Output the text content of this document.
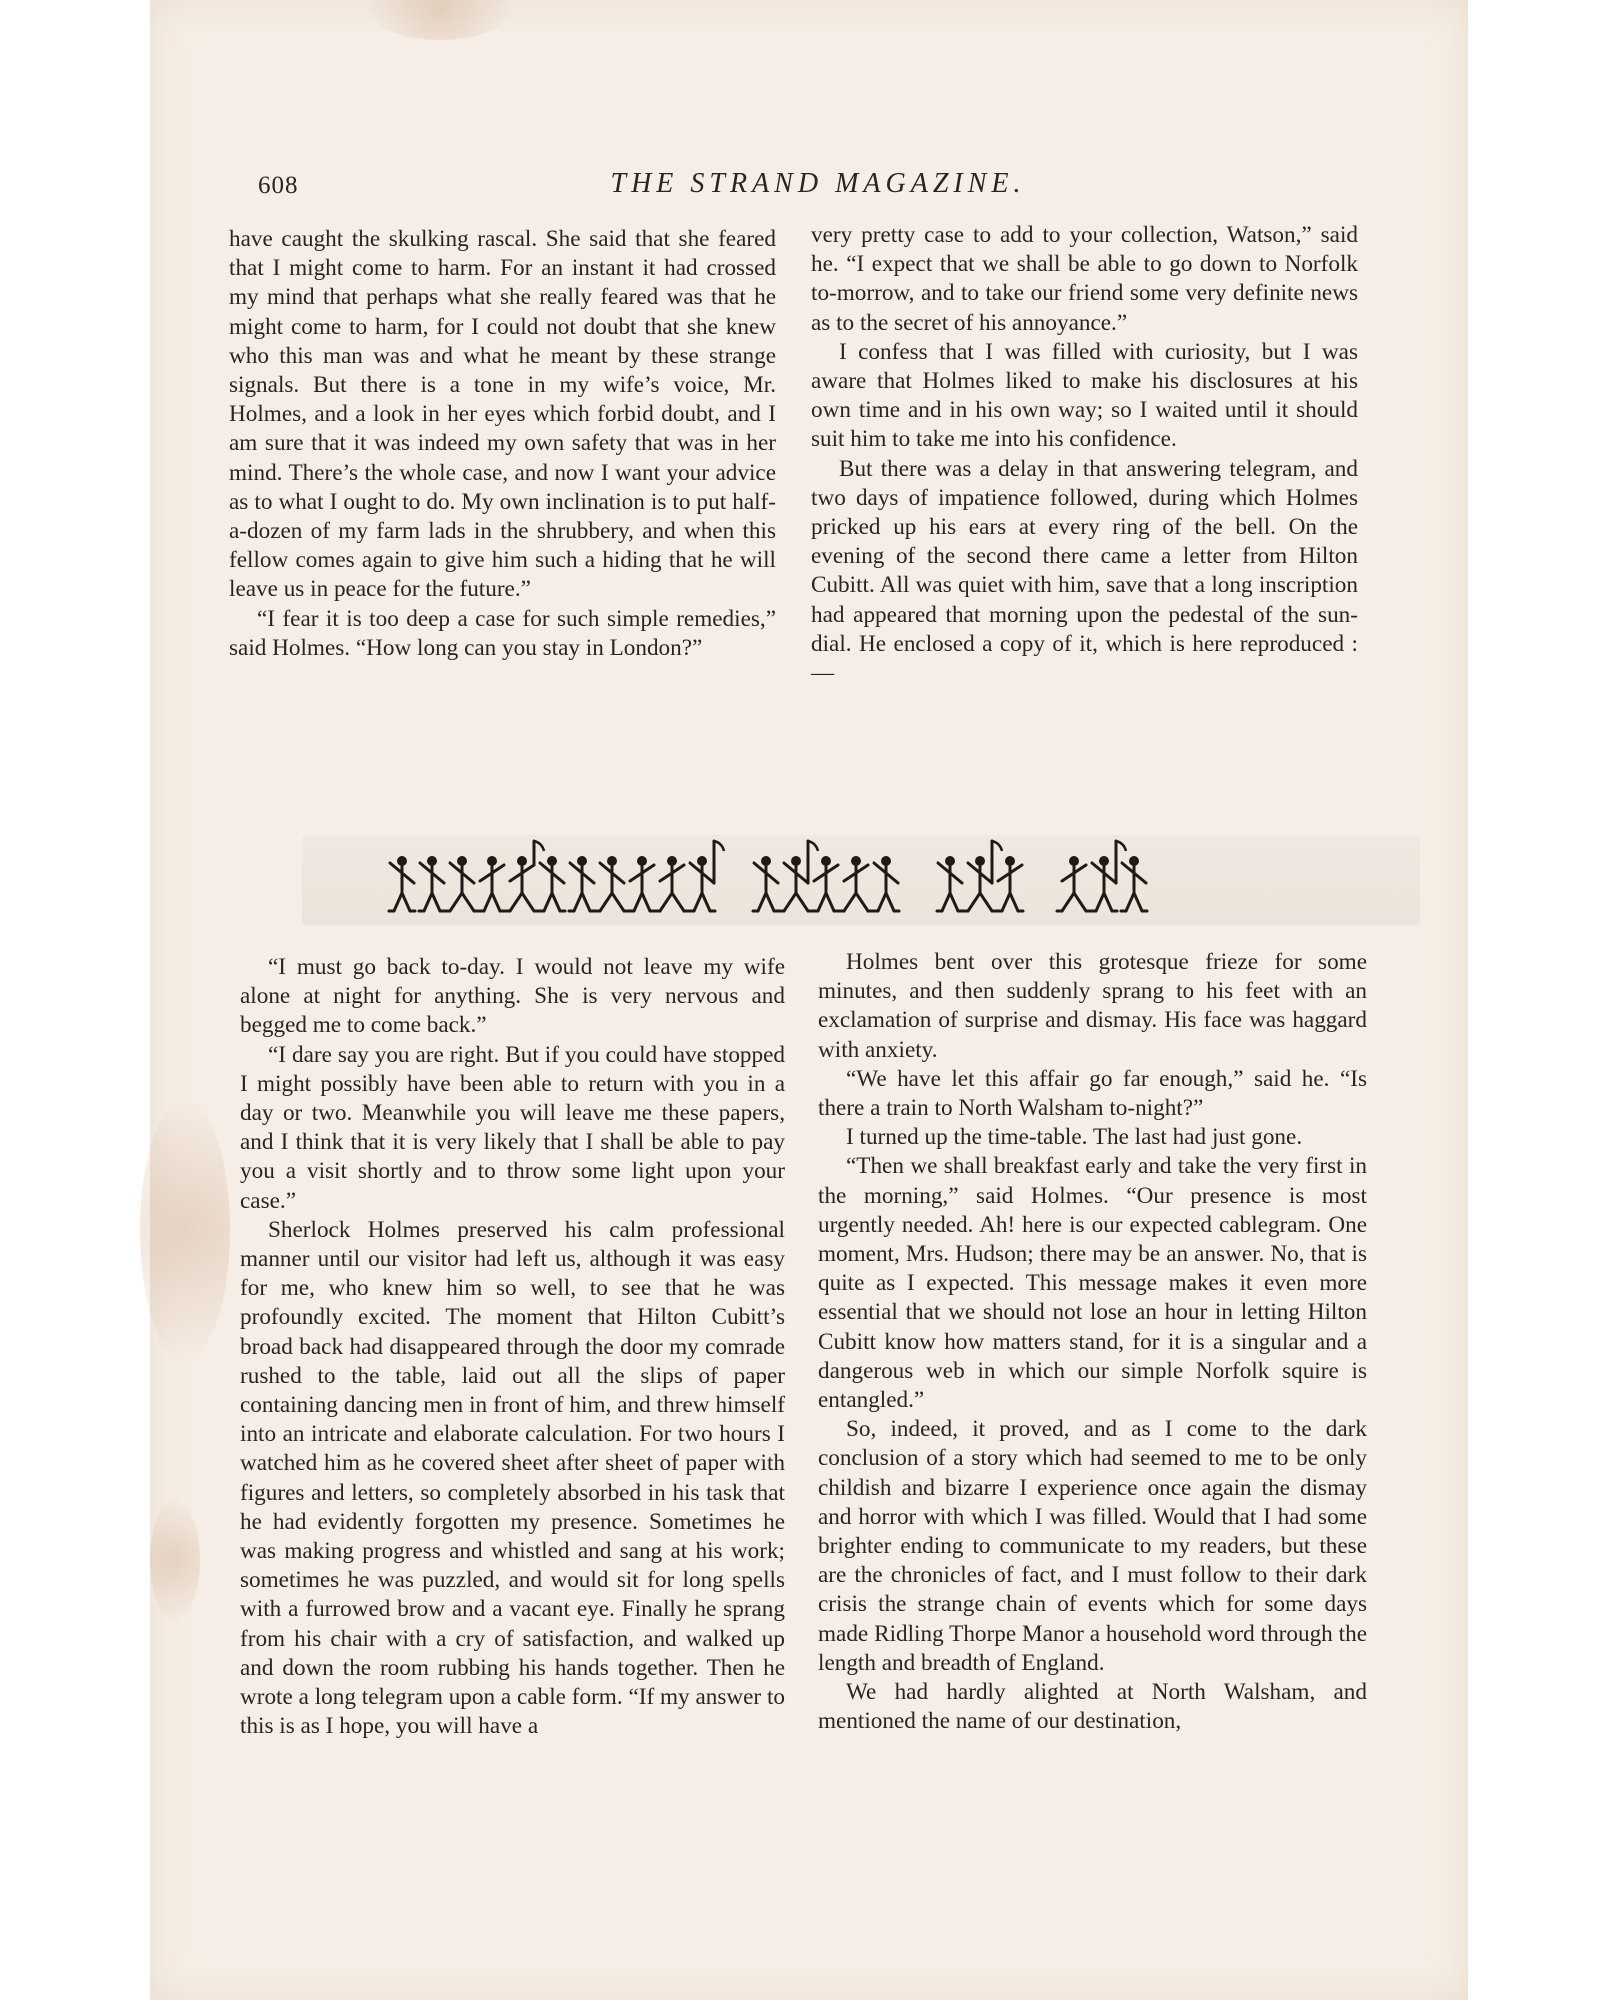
608	THE STRAND MAGAZINE.

have caught the skulking rascal. She said that she feared that I might come to harm. For an instant it had crossed my mind that perhaps what she really feared was that he might come to harm, for I could not doubt that she knew who this man was and what he meant by these strange signals. But there is a tone in my wife’s voice, Mr. Holmes, and a look in her eyes which forbid doubt, and I am sure that it was indeed my own safety that was in her mind. There’s the whole case, and now I want your advice as to what I ought to do. My own inclination is to put half-a-dozen of my farm lads in the shrubbery, and when this fellow comes again to give him such a hiding that he will leave us in peace for the future.”

“I fear it is too deep a case for such simple remedies,” said Holmes. “How long can you stay in London?”

very pretty case to add to your collection, Watson,” said he. “I expect that we shall be able to go down to Norfolk to-morrow, and to take our friend some very definite news as to the secret of his annoyance.”

I confess that I was filled with curiosity, but I was aware that Holmes liked to make his disclosures at his own time and in his own way; so I waited until it should suit him to take me into his confidence.

But there was a delay in that answering telegram, and two days of impatience followed, during which Holmes pricked up his ears at every ring of the bell. On the evening of the second there came a letter from Hilton Cubitt. All was quiet with him, save that a long inscription had appeared that morning upon the pedestal of the sun-dial. He enclosed a copy of it, which is here reproduced :—

“I must go back to-day. I would not leave my wife alone at night for anything. She is very nervous and begged me to come back.”

“I dare say you are right. But if you could have stopped I might possibly have been able to return with you in a day or two. Meanwhile you will leave me these papers, and I think that it is very likely that I shall be able to pay you a visit shortly and to throw some light upon your case.”

Sherlock Holmes preserved his calm professional manner until our visitor had left us, although it was easy for me, who knew him so well, to see that he was profoundly excited. The moment that Hilton Cubitt’s broad back had disappeared through the door my comrade rushed to the table, laid out all the slips of paper containing dancing men in front of him, and threw himself into an intricate and elaborate calculation. For two hours I watched him as he covered sheet after sheet of paper with figures and letters, so completely absorbed in his task that he had evidently forgotten my presence. Sometimes he was making progress and whistled and sang at his work; sometimes he was puzzled, and would sit for long spells with a furrowed brow and a vacant eye. Finally he sprang from his chair with a cry of satisfaction, and walked up and down the room rubbing his hands together. Then he wrote a long telegram upon a cable form. “If my answer to this is as I hope, you will have a

Holmes bent over this grotesque frieze for some minutes, and then suddenly sprang to his feet with an exclamation of surprise and dismay. His face was haggard with anxiety.

“We have let this affair go far enough,” said he. “Is there a train to North Walsham to-night?”

I turned up the time-table. The last had just gone.

“Then we shall breakfast early and take the very first in the morning,” said Holmes. “Our presence is most urgently needed. Ah! here is our expected cablegram. One moment, Mrs. Hudson; there may be an answer. No, that is quite as I expected. This message makes it even more essential that we should not lose an hour in letting Hilton Cubitt know how matters stand, for it is a singular and a dangerous web in which our simple Norfolk squire is entangled.”

So, indeed, it proved, and as I come to the dark conclusion of a story which had seemed to me to be only childish and bizarre I experience once again the dismay and horror with which I was filled. Would that I had some brighter ending to communicate to my readers, but these are the chronicles of fact, and I must follow to their dark crisis the strange chain of events which for some days made Ridling Thorpe Manor a household word through the length and breadth of England.

We had hardly alighted at North Walsham, and mentioned the name of our destination,
